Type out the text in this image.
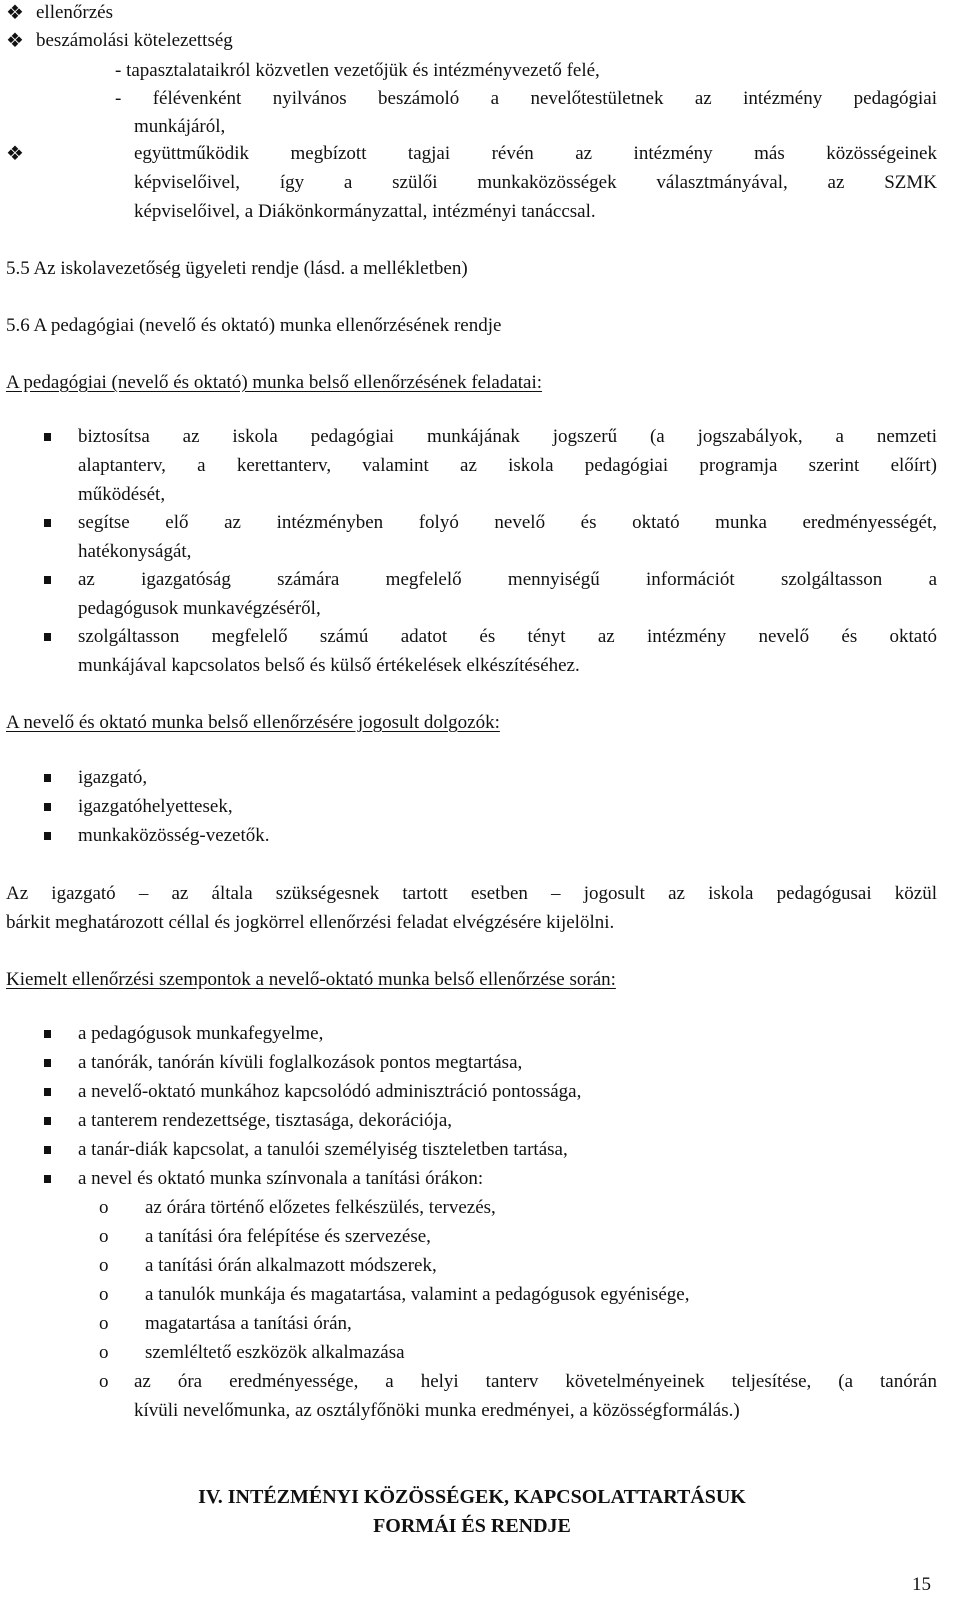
❖ ellenőrzés
❖ beszámolási kötelezettség
- tapasztalataikról közvetlen vezetőjük és intézményvezető felé,
- félévenként nyilvános beszámoló a nevelőtestületnek az intézmény pedagógiai
munkájáról,
❖	együttműködik megbízott tagjai révén az intézmény más közösségeinek
képviselőivel, így a szülői munkaközösségek választmányával, az SZMK
képviselőivel, a Diákönkormányzattal, intézményi tanáccsal.
5.5 Az iskolavezetőség ügyeleti rendje (lásd. a mellékletben)
5.6 A pedagógiai (nevelő és oktató) munka ellenőrzésének rendje
A pedagógiai (nevelő és oktató) munka belső ellenőrzésének feladatai:
biztosítsa az iskola pedagógiai munkájának jogszerű (a jogszabályok, a nemzeti
alaptanterv, a kerettanterv, valamint az iskola pedagógiai programja szerint előírt)
működését,
segítse elő az intézményben folyó nevelő és oktató munka eredményességét,
hatékonyságát,
az igazgatóság számára megfelelő mennyiségű információt szolgáltasson a
pedagógusok munkavégzéséről,
szolgáltasson megfelelő számú adatot és tényt az intézmény nevelő és oktató
munkájával kapcsolatos belső és külső értékelések elkészítéséhez.
A nevelő és oktató munka belső ellenőrzésére jogosult dolgozók:
igazgató,
igazgatóhelyettesek,
munkaközösség-vezetők.
Az igazgató – az általa szükségesnek tartott esetben – jogosult az iskola pedagógusai közül
bárkit meghatározott céllal és jogkörrel ellenőrzési feladat elvégzésére kijelölni.
Kiemelt ellenőrzési szempontok a nevelő-oktató munka belső ellenőrzése során:
a pedagógusok munkafegyelme,
a tanórák, tanórán kívüli foglalkozások pontos megtartása,
a nevelő-oktató munkához kapcsolódó adminisztráció pontossága,
a tanterem rendezettsége, tisztasága, dekorációja,
a tanár-diák kapcsolat, a tanulói személyiség tiszteletben tartása,
a nevel és oktató munka színvonala a tanítási órákon:
o az órára történő előzetes felkészülés, tervezés,
o a tanítási óra felépítése és szervezése,
o a tanítási órán alkalmazott módszerek,
o a tanulók munkája és magatartása, valamint a pedagógusok egyénisége,
o magatartása a tanítási órán,
o szemléltető eszközök alkalmazása
o az óra eredményessége, a helyi tanterv követelményeinek teljesítése, (a tanórán
kívüli nevelőmunka, az osztályfőnöki munka eredményei, a közösségformálás.)
IV. INTÉZMÉNYI KÖZÖSSÉGEK, KAPCSOLATTARTÁSUK
FORMÁI ÉS RENDJE
15
